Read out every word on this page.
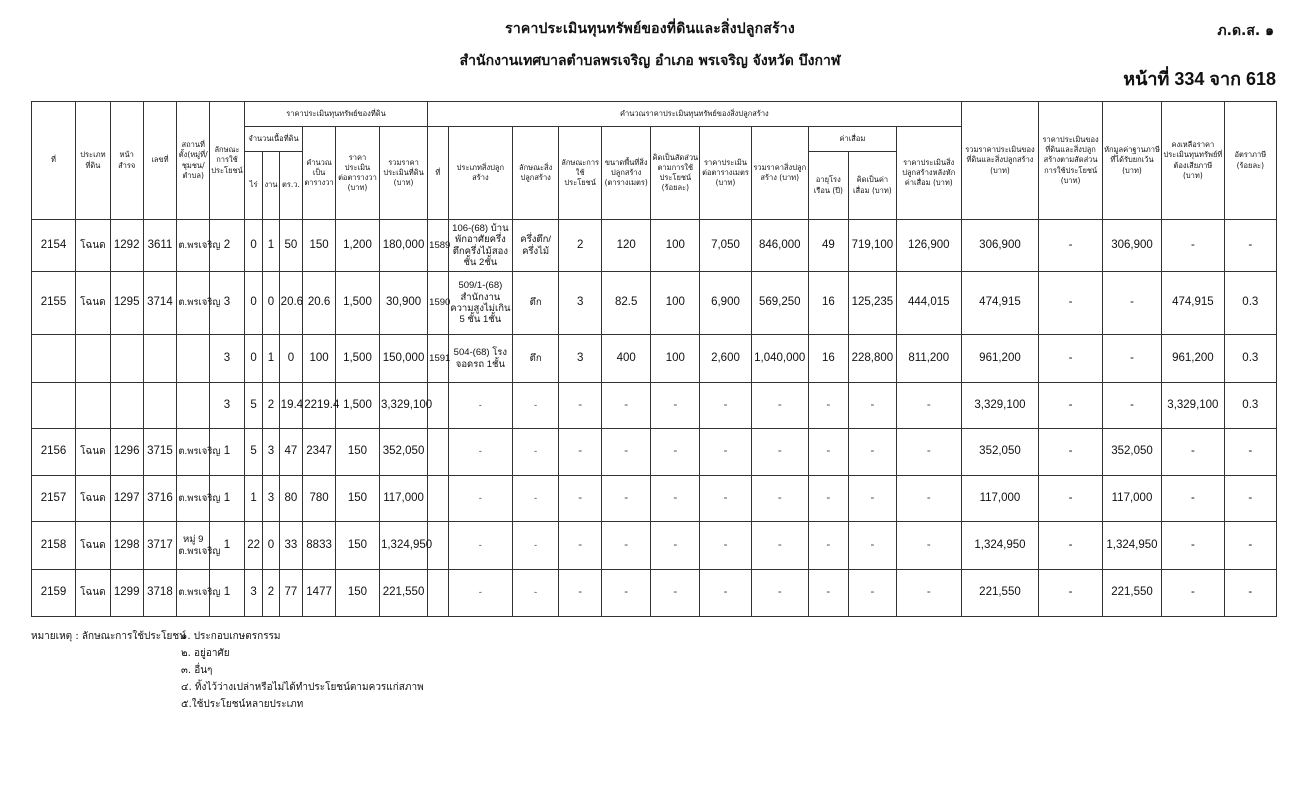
ราคาประเมินทุนทรัพย์ของที่ดินและสิ่งปลูกสร้าง
สำนักงานเทศบาลตำบลพรเจริญ อำเภอ พรเจริญ จังหวัด บึงกาฬ
ภ.ด.ส. ๑
หน้าที่ 334 จาก 618
ที่	ประเภทที่ดิน	หน้าสำรจ	เลขที่	สถานที่ตั้ง(หมู่ที่/ชุมชน/ตำบล)	ลักษณะการใช้ประโยชน์	ราคาประเมินทุนทรัพย์ของที่ดิน						คำนวณราคาประเมินทุนทรัพย์ของสิ่งปลูกสร้าง											รวมราคาประเมินของที่ดินและสิ่งปลูกสร้าง (บาท)	ราคาประเมินของที่ดินและสิ่งปลูกสร้างตามสัดส่วนการใช้ประโยชน์ (บาท)	หักมูลค่าฐานภาษีที่ได้รับยกเว้น (บาท)	คงเหลือราคาประเมินทุนทรัพย์ที่ต้องเสียภาษี (บาท)	อัตราภาษี (ร้อยละ)
						จำนวนเนื้อที่ดิน			คำนวณเป็นตารางวา	ราคาประเมินต่อตารางวา (บาท)	รวมราคาประเมินที่ดิน (บาท)	ที่	ประเภทสิ่งปลูกสร้าง	ลักษณะสิ่งปลูกสร้าง	ลักษณะการใช้ประโยชน์	ขนาดพื้นที่สิ่งปลูกสร้าง (ตารางเมตร)	คิดเป็นสัดส่วนตามการใช้ประโยชน์ (ร้อยละ)	ราคาประเมินต่อตารางเมตร (บาท)	รวมราคาสิ่งปลูกสร้าง (บาท)	ค่าเสื่อม		ราคาประเมินสิ่งปลูกสร้างหลังหักค่าเสื่อม (บาท)					
						ไร่	งาน	ตร.ว.												อายุโรงเรือน (ปี)	คิดเป็นค่าเสื่อม (บาท)						
2154	โฉนด	1292	3611	ต.พรเจริญ	2	0	1	50	150	1,200	180,000	1589	106-(68) บ้านพักอาศัยครึ่งตึกครึ่งไม้สองชั้น 2ชั้น	ครึ่งตึก/ครึ่งไม้	2	120	100	7,050	846,000	49	719,100	126,900	306,900	-	306,900	-	-
2155	โฉนด	1295	3714	ต.พรเจริญ	3	0	0	20.6	20.6	1,500	30,900	1590	509/1-(68) สำนักงานความสูงไม่เกิน 5 ชั้น 1ชั้น	ตึก	3	82.5	100	6,900	569,250	16	125,235	444,015	474,915	-	-	474,915	0.3
					3	0	1	0	100	1,500	150,000	1591	504-(68) โรงจอดรถ 1ชั้น	ตึก	3	400	100	2,600	1,040,000	16	228,800	811,200	961,200	-	-	961,200	0.3
					3	5	2	19.4	2219.4	1,500	3,329,100		-	-	-	-	-	-	-	-	-	-	3,329,100	-	-	3,329,100	0.3
2156	โฉนด	1296	3715	ต.พรเจริญ	1	5	3	47	2347	150	352,050		-	-	-	-	-	-	-	-	-	-	352,050	-	352,050	-	-
2157	โฉนด	1297	3716	ต.พรเจริญ	1	1	3	80	780	150	117,000		-	-	-	-	-	-	-	-	-	-	117,000	-	117,000	-	-
2158	โฉนด	1298	3717	หมู่ 9 ต.พรเจริญ	1	22	0	33	8833	150	1,324,950		-	-	-	-	-	-	-	-	-	-	1,324,950	-	1,324,950	-	-
2159	โฉนด	1299	3718	ต.พรเจริญ	1	3	2	77	1477	150	221,550		-	-	-	-	-	-	-	-	-	-	221,550	-	221,550	-	-
หมายเหตุ : ลักษณะการใช้ประโยชน์๑. ประกอบเกษตรกรรม
๒. อยู่อาศัย
๓. อื่นๆ
๔. ทิ้งไว้ว่างเปล่าหรือไม่ได้ทำประโยชน์ตามควรแก่สภาพ
๕.ใช้ประโยชน์หลายประเภท
